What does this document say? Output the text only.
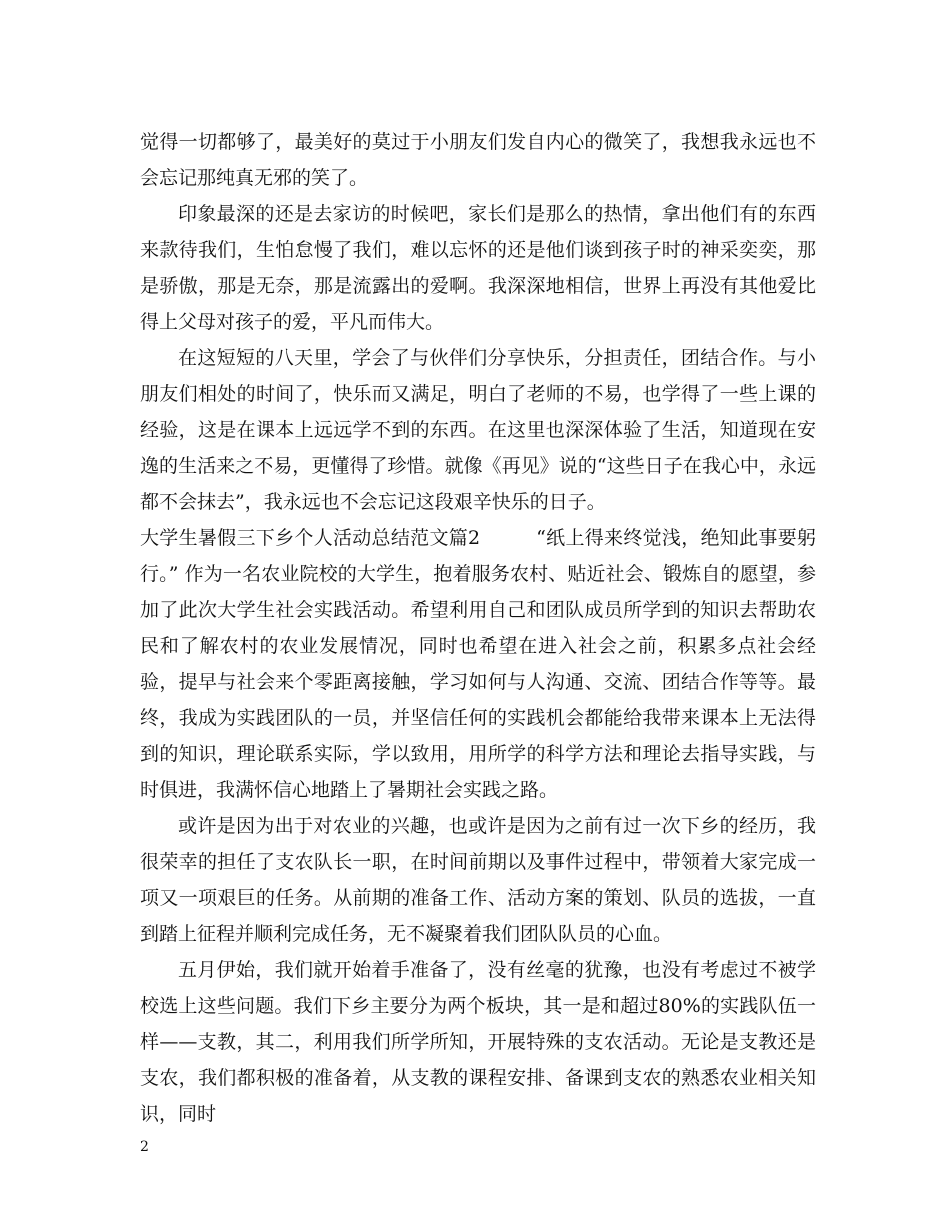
觉得一切都够了，最美好的莫过于小朋友们发自内心的微笑了，我想我永远也不会忘记那纯真无邪的笑了。

印象最深的还是去家访的时候吧，家长们是那么的热情，拿出他们有的东西来款待我们，生怕怠慢了我们，难以忘怀的还是他们谈到孩子时的神采奕奕，那是骄傲，那是无奈，那是流露出的爱啊。我深深地相信，世界上再没有其他爱比得上父母对孩子的爱，平凡而伟大。

在这短短的八天里，学会了与伙伴们分享快乐，分担责任，团结合作。与小朋友们相处的时间了，快乐而又满足，明白了老师的不易，也学得了一些上课的经验，这是在课本上远远学不到的东西。在这里也深深体验了生活，知道现在安逸的生活来之不易，更懂得了珍惜。就像《再见》说的“这些日子在我心中，永远都不会抹去”，我永远也不会忘记这段艰辛快乐的日子。

大学生暑假三下乡个人活动总结范文篇2	“纸上得来终觉浅，绝知此事要躬行。” 作为一名农业院校的大学生，抱着服务农村、贴近社会、锻炼自的愿望，参加了此次大学生社会实践活动。希望利用自己和团队成员所学到的知识去帮助农民和了解农村的农业发展情况，同时也希望在进入社会之前，积累多点社会经验，提早与社会来个零距离接触，学习如何与人沟通、交流、团结合作等等。最终，我成为实践团队的一员，并坚信任何的实践机会都能给我带来课本上无法得到的知识，理论联系实际，学以致用，用所学的科学方法和理论去指导实践，与时俱进，我满怀信心地踏上了暑期社会实践之路。

或许是因为出于对农业的兴趣，也或许是因为之前有过一次下乡的经历，我很荣幸的担任了支农队长一职，在时间前期以及事件过程中，带领着大家完成一项又一项艰巨的任务。从前期的准备工作、活动方案的策划、队员的选拔，一直到踏上征程并顺利完成任务，无不凝聚着我们团队队员的心血。

五月伊始，我们就开始着手准备了，没有丝毫的犹豫，也没有考虑过不被学校选上这些问题。我们下乡主要分为两个板块，其一是和超过80%的实践队伍一样——支教，其二，利用我们所学所知，开展特殊的支农活动。无论是支教还是支农，我们都积极的准备着，从支教的课程安排、备课到支农的熟悉农业相关知识，同时

2
